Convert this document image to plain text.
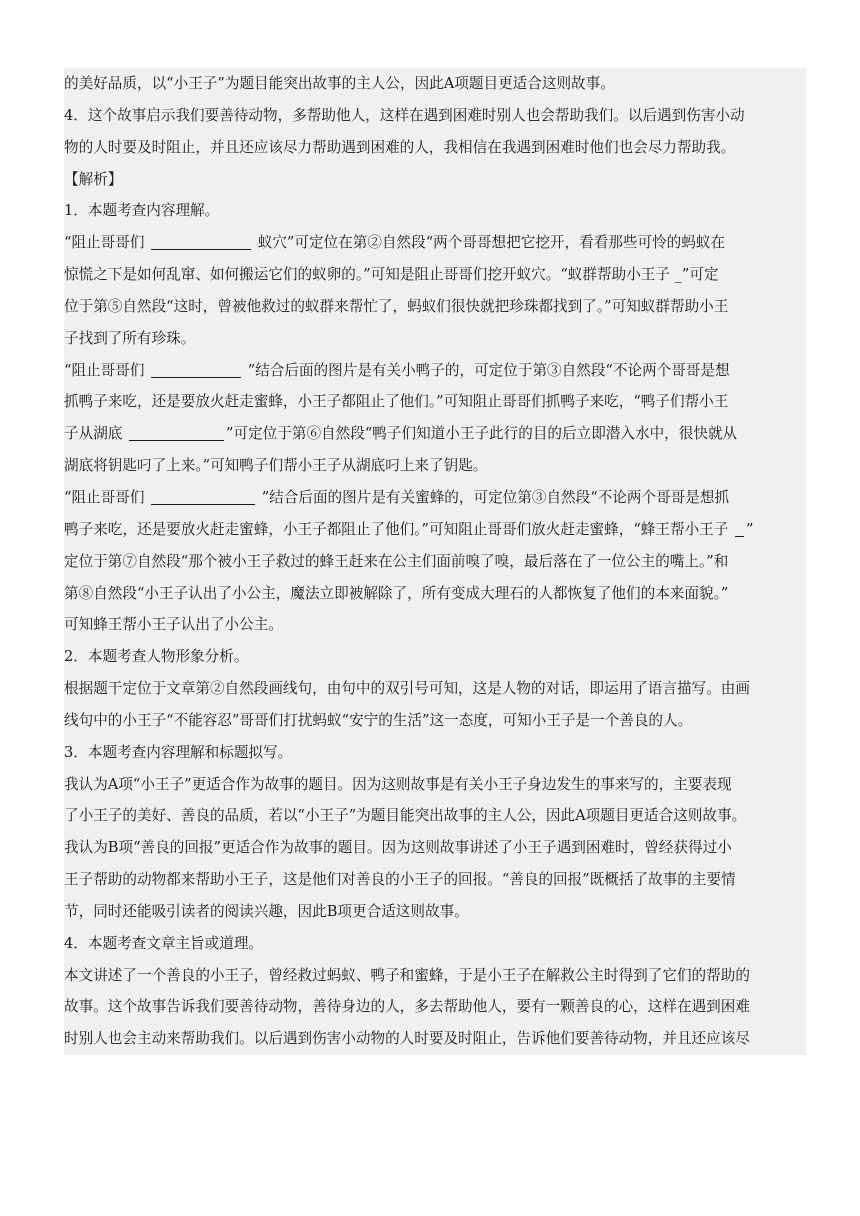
的美好品质，以“小王子”为题目能突出故事的主人公，因此A项题目更适合这则故事。
4．这个故事启示我们要善待动物，多帮助他人，这样在遇到困难时别人也会帮助我们。以后遇到伤害小动
物的人时要及时阻止，并且还应该尽力帮助遇到困难的人，我相信在我遇到困难时他们也会尽力帮助我。
【解析】
1．本题考查内容理解。
“阻止哥哥们	蚁穴”可定位在第②自然段“两个哥哥想把它挖开，看看那些可怜的蚂蚁在
惊慌之下是如何乱窜、如何搬运它们的蚁卵的。”可知是阻止哥哥们挖开蚁穴。“蚁群帮助小王子 _”可定
位于第⑤自然段“这时，曾被他救过的蚁群来帮忙了，蚂蚁们很快就把珍珠都找到了。”可知蚁群帮助小王
子找到了所有珍珠。
“阻止哥哥们	”结合后面的图片是有关小鸭子的，可定位于第③自然段“不论两个哥哥是想
抓鸭子来吃，还是要放火赶走蜜蜂，小王子都阻止了他们。”可知阻止哥哥们抓鸭子来吃，“鸭子们帮小王
子从湖底	”可定位于第⑥自然段“鸭子们知道小王子此行的目的后立即潜入水中，很快就从
湖底将钥匙叼了上来。”可知鸭子们帮小王子从湖底叼上来了钥匙。
“阻止哥哥们	”结合后面的图片是有关蜜蜂的，可定位第③自然段“不论两个哥哥是想抓
鸭子来吃，还是要放火赶走蜜蜂，小王子都阻止了他们。”可知阻止哥哥们放火赶走蜜蜂，“蜂王帮小王子 ”
定位于第⑦自然段“那个被小王子救过的蜂王赶来在公主们面前嗅了嗅，最后落在了一位公主的嘴上。”和
第⑧自然段“小王子认出了小公主，魔法立即被解除了，所有变成大理石的人都恢复了他们的本来面貌。”
可知蜂王帮小王子认出了小公主。
2．本题考查人物形象分析。
根据题干定位于文章第②自然段画线句，由句中的双引号可知，这是人物的对话，即运用了语言描写。由画
线句中的小王子“不能容忍”哥哥们打扰蚂蚁“安宁的生活”这一态度，可知小王子是一个善良的人。
3．本题考查内容理解和标题拟写。
我认为A项“小王子”更适合作为故事的题目。因为这则故事是有关小王子身边发生的事来写的，主要表现
了小王子的美好、善良的品质，若以“小王子”为题目能突出故事的主人公，因此A项题目更适合这则故事。
我认为B项“善良的回报”更适合作为故事的题目。因为这则故事讲述了小王子遇到困难时，曾经获得过小
王子帮助的动物都来帮助小王子，这是他们对善良的小王子的回报。“善良的回报”既概括了故事的主要情
节，同时还能吸引读者的阅读兴趣，因此B项更合适这则故事。
4．本题考查文章主旨或道理。
本文讲述了一个善良的小王子，曾经救过蚂蚁、鸭子和蜜蜂，于是小王子在解救公主时得到了它们的帮助的
故事。这个故事告诉我们要善待动物，善待身边的人，多去帮助他人，要有一颗善良的心，这样在遇到困难
时别人也会主动来帮助我们。以后遇到伤害小动物的人时要及时阻止，告诉他们要善待动物，并且还应该尽
